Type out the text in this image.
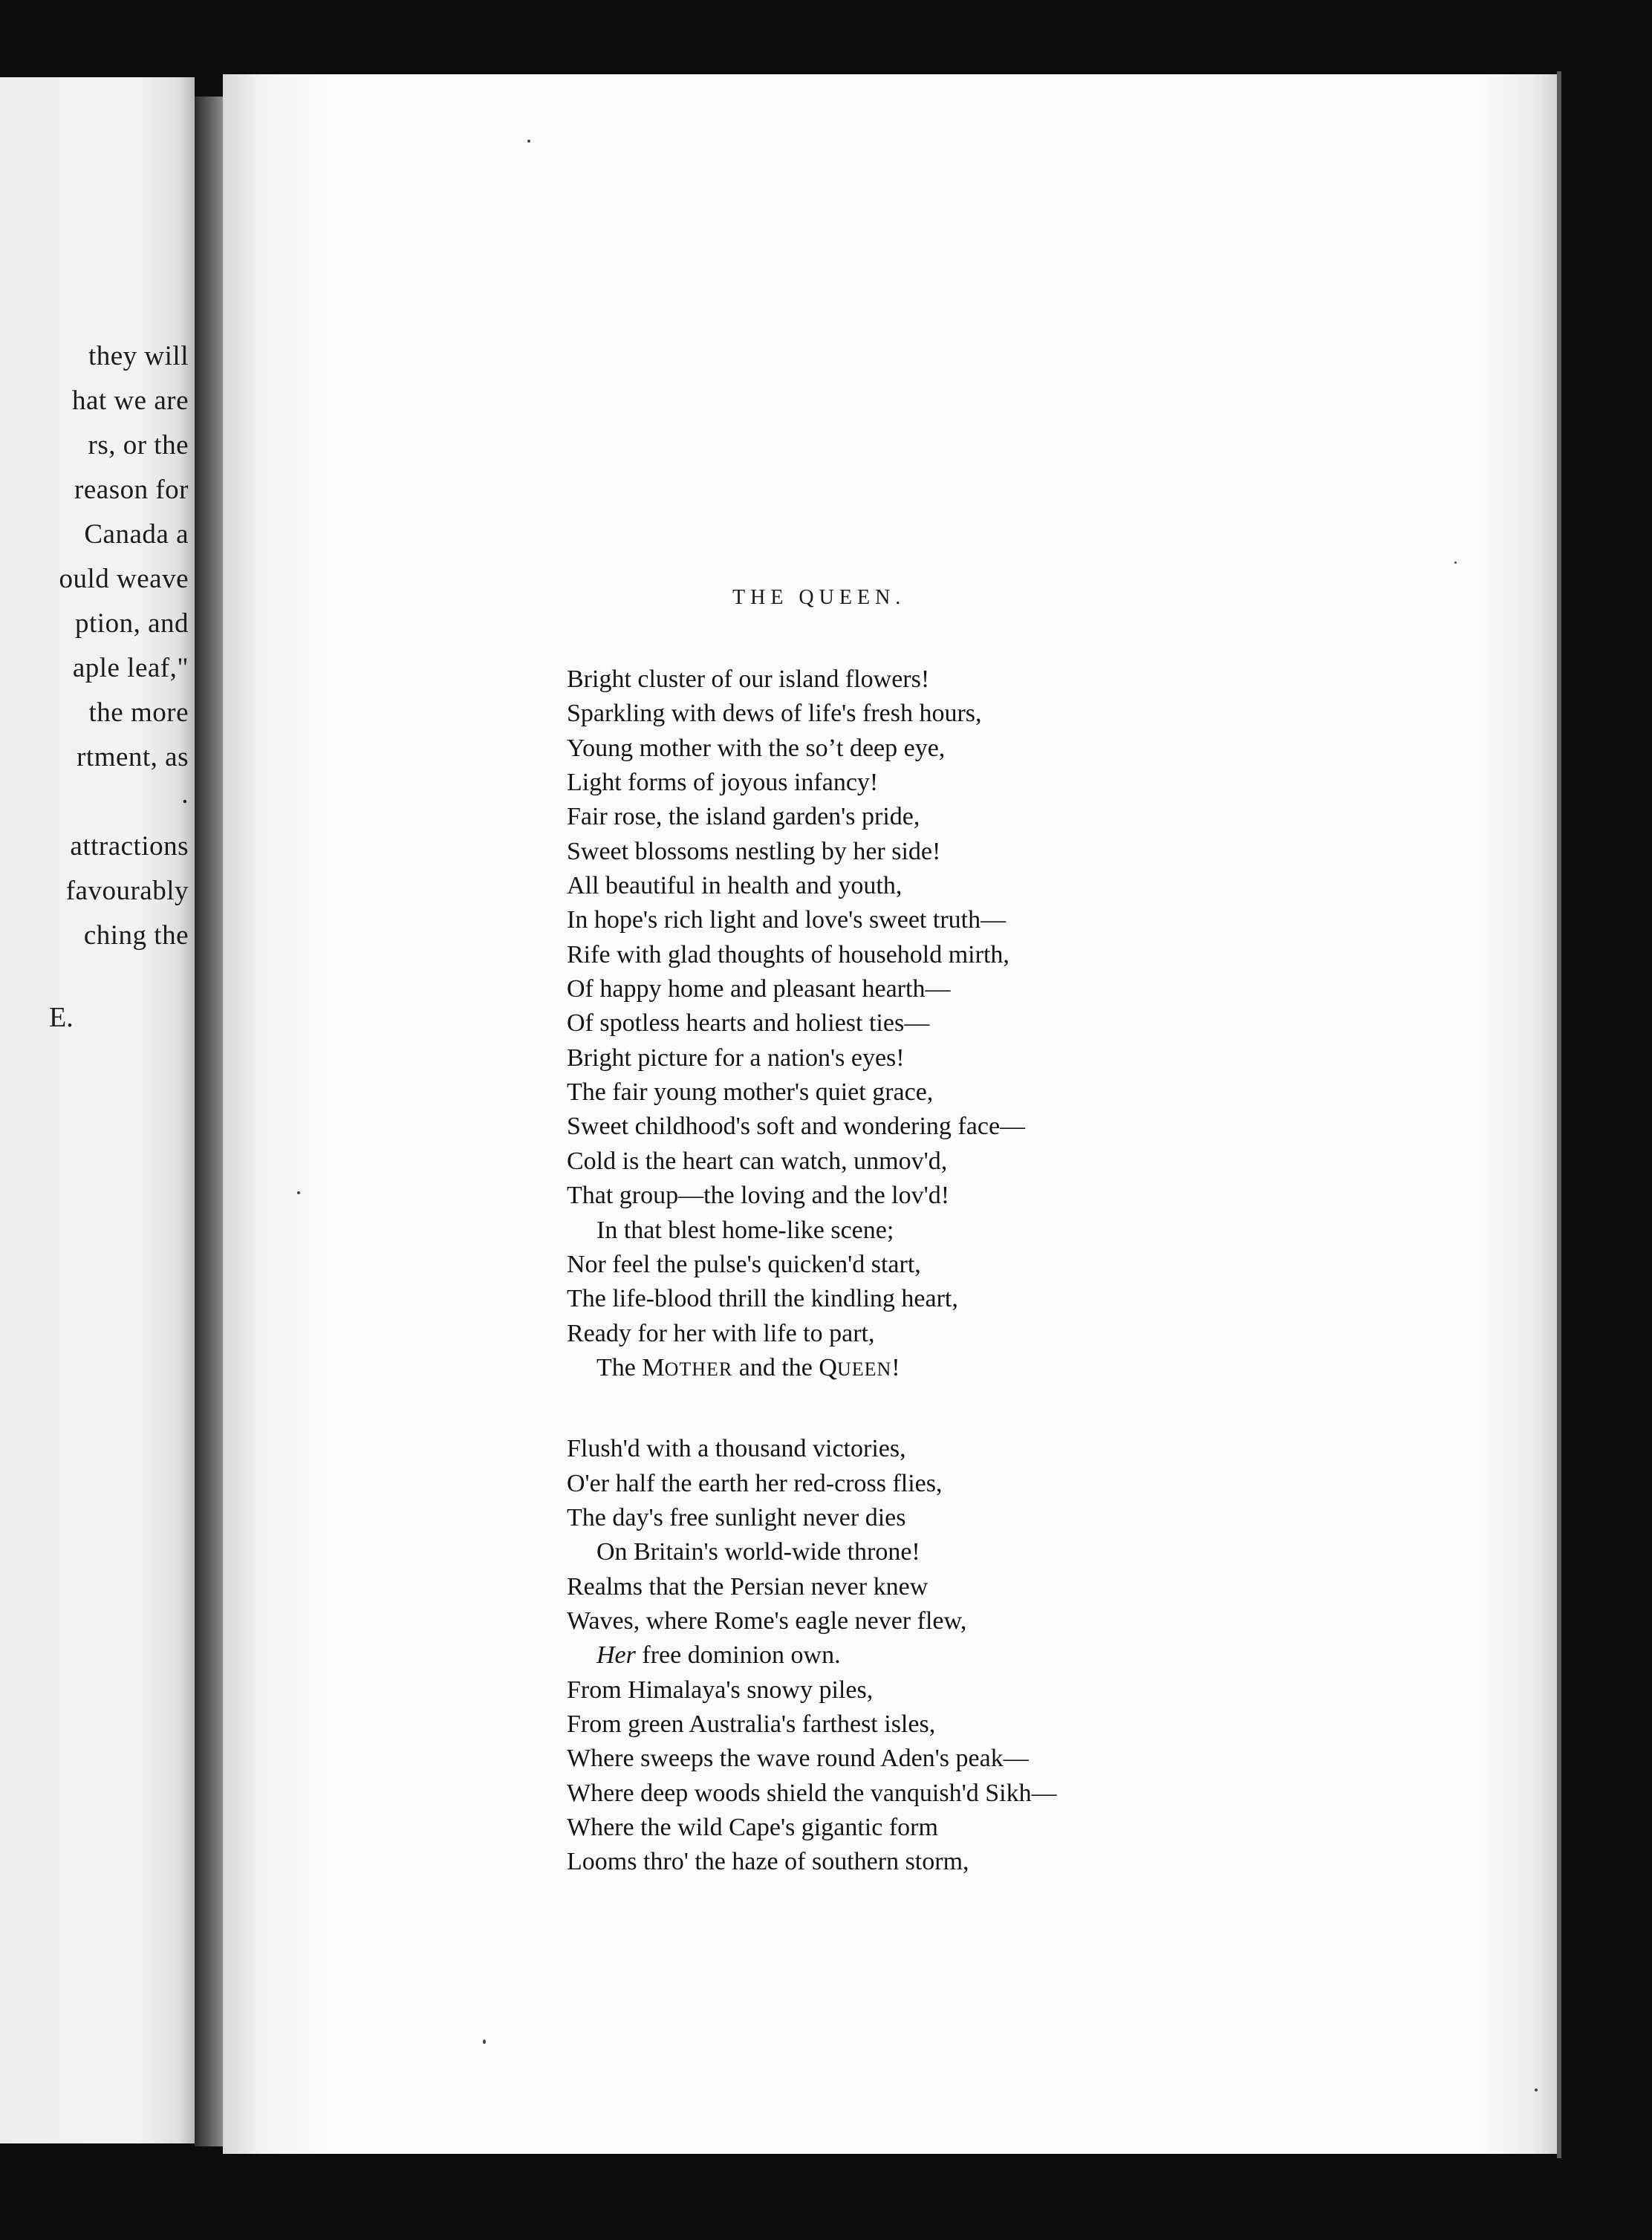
they will
hat we are
rs, or the
reason for
Canada a
ould weave
ption, and
aple leaf,"
the more
rtment, as
.
attractions
favourably
ching the
E.
THE QUEEN.
Bright cluster of our island flowers!
Sparkling with dews of life's fresh hours,
Young mother with the soʼt deep eye,
Light forms of joyous infancy!
Fair rose, the island garden's pride,
Sweet blossoms nestling by her side!
All beautiful in health and youth,
In hope's rich light and love's sweet truth—
Rife with glad thoughts of household mirth,
Of happy home and pleasant hearth—
Of spotless hearts and holiest ties—
Bright picture for a nation's eyes!
The fair young mother's quiet grace,
Sweet childhood's soft and wondering face—
Cold is the heart can watch, unmov'd,
That group—the loving and the lov'd!
In that blest home-like scene;
Nor feel the pulse's quicken'd start,
The life-blood thrill the kindling heart,
Ready for her with life to part,
The MOTHER and the QUEEN!
Flush'd with a thousand victories,
O'er half the earth her red-cross flies,
The day's free sunlight never dies
On Britain's world-wide throne!
Realms that the Persian never knew
Waves, where Rome's eagle never flew,
Her free dominion own.
From Himalaya's snowy piles,
From green Australia's farthest isles,
Where sweeps the wave round Aden's peak—
Where deep woods shield the vanquish'd Sikh—
Where the wild Cape's gigantic form
Looms thro' the haze of southern storm,
